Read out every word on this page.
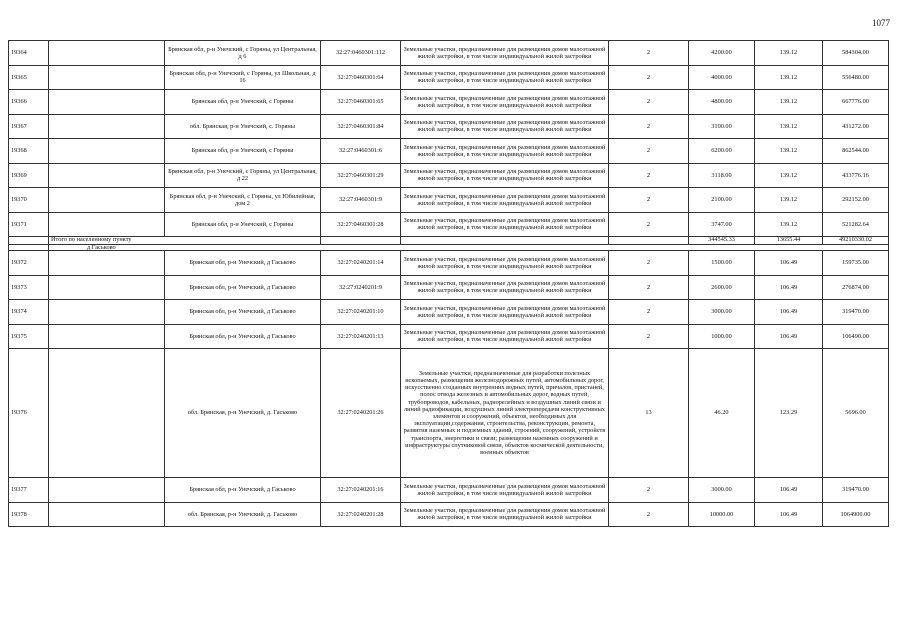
1077
19364		Брянская обл, р-н Унечский, с Горяны, ул Центральная, д 6	32:27:0460301:112	Земельные участки, предназначенные для размещения домов малоэтажной жилой застройки, в том числе индивидуальной жилой застройки	2	4200.00	139.12	584304.00
19365		Брянская обл, р-н Унечский, с Горяны, ул Школьная, д 16	32:27:0460301:64	Земельные участки, предназначенные для размещения домов малоэтажной жилой застройки, в том числе индивидуальной жилой застройки	2	4000.00	139.12	556480.00
19366		Брянская обл, р-н Унечский, с Горяны	32:27:0460301:65	Земельные участки, предназначенные для размещения домов малоэтажной жилой застройки, в том числе индивидуальной жилой застройки	2	4800.00	139.12	667776.00
19367		обл. Брянская, р-н Унечский, с. Горяны	32:27:0460301:84	Земельные участки, предназначенные для размещения домов малоэтажной жилой застройки, в том числе индивидуальной жилой застройки	2	3100.00	139.12	431272.00
19368		Брянская обл, р-н Унечский, с Горяны	32:27:0460301:6	Земельные участки, предназначенные для размещения домов малоэтажной жилой застройки, в том числе индивидуальной жилой застройки	2	6200.00	139.12	862544.00
19369		Брянская обл, р-н Унечский, с Горяны, ул Центральная, д 22	32:27:0460301:29	Земельные участки, предназначенные для размещения домов малоэтажной жилой застройки, в том числе индивидуальной жилой застройки	2	3118.00	139.12	433776.16
19370		Брянская обл, р-н Унечский, с Горяны, ул Юбилейная, дом 2	32:27:0460301:9	Земельные участки, предназначенные для размещения домов малоэтажной жилой застройки, в том числе индивидуальной жилой застройки	2	2100.00	139.12	292152.00
19371		Брянская обл, р-н Унечский, с Горяны	32:27:0460301:28	Земельные участки, предназначенные для размещения домов малоэтажной жилой застройки, в том числе индивидуальной жилой застройки	2	3747.00	139.12	521282.64
	Итого по населенному пункту					344545.33	13655.44	49210330.02
	д Гаськово							
19372		Брянская обл, р-н Унечский, д Гаськово	32:27:0240201:14	Земельные участки, предназначенные для размещения домов малоэтажной жилой застройки, в том числе индивидуальной жилой застройки	2	1500.00	106.49	159735.00
19373		Брянская обл, р-н Унечский, д Гаськово	32:27:0240201:9	Земельные участки, предназначенные для размещения домов малоэтажной жилой застройки, в том числе индивидуальной жилой застройки	2	2600.00	106.49	276874.00
19374		Брянская обл, р-н Унечский, д Гаськово	32:27:0240201:10	Земельные участки, предназначенные для размещения домов малоэтажной жилой застройки, в том числе индивидуальной жилой застройки	2	3000.00	106.49	319470.00
19375		Брянская обл, р-н Унечский, д Гаськово	32:27:0240201:13	Земельные участки, предназначенные для размещения домов малоэтажной жилой застройки, в том числе индивидуальной жилой застройки	2	1000.00	106.49	106490.00
19376		обл. Брянская, р-н Унечский, д. Гаськово	32:27:0240201:26	Земельные участки, предназначенные для разработки полезных ископаемых, размещения железнодорожных путей, автомобильных дорог, искусственно созданных внутренних водных путей, причалов, пристаней, полос отвода железных и автомобильных дорог, водных путей, трубопроводов, кабельных, радиорелейных и воздушных линий связи и линий радиофикации, воздушных линий электропередачи конструктивных элементов и сооружений, объектов, необходимых для эксплуатации,содержания, строительства, реконструкции, ремонта, развития наземных и подземных зданий, строений, сооружений, устройств транспорта, энергетики и связи; размещения наземных сооружений и инфраструктуры спутниковой связи, объектов космической деятельности, военных объектов	13	46.20	123.29	5696.00
19377		Брянская обл, р-н Унечский, д Гаськово	32:27:0240201:16	Земельные участки, предназначенные для размещения домов малоэтажной жилой застройки, в том числе индивидуальной жилой застройки	2	3000.00	106.49	319470.00
19378		обл. Брянская, р-н Унечский, д. Гаськово	32:27:0240201:28	Земельные участки, предназначенные для размещения домов малоэтажной жилой застройки, в том числе индивидуальной жилой застройки	2	10000.00	106.49	1064900.00
